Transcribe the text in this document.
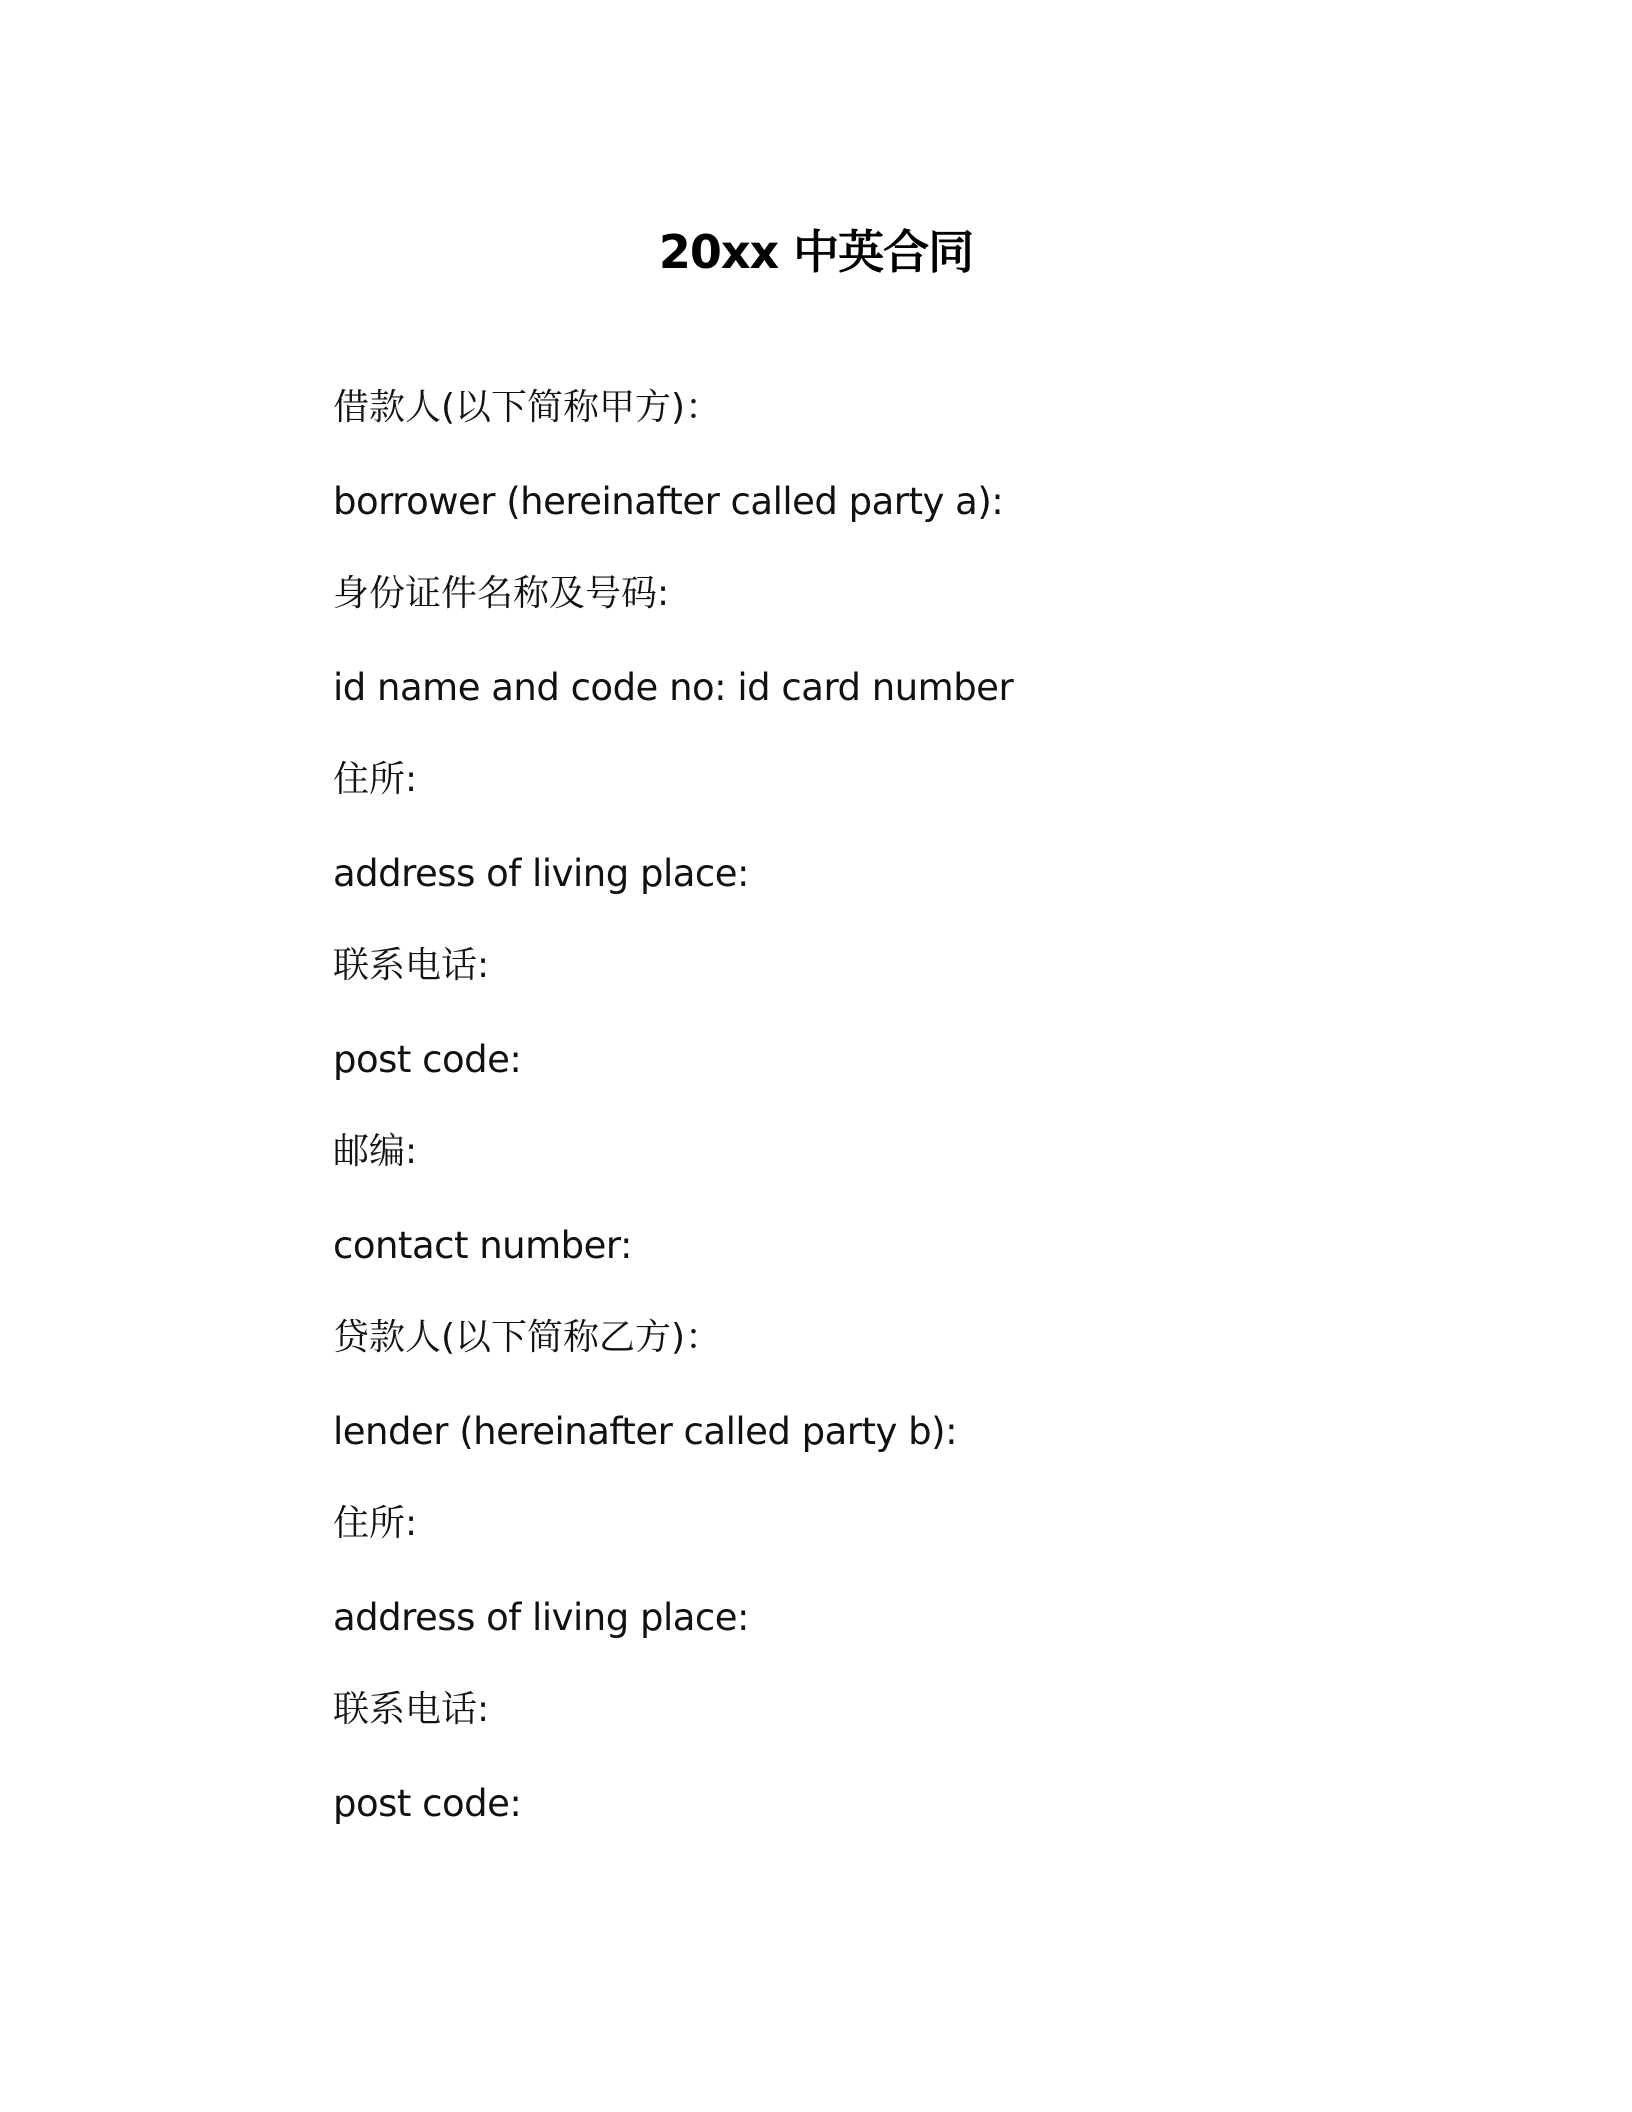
20xx 中英合同
借款人(以下简称甲方)：
borrower (hereinafter called party a):
身份证件名称及号码:
id name and code no: id card number
住所:
address of living place:
联系电话:
post code:
邮编:
contact number:
贷款人(以下简称乙方)：
lender (hereinafter called party b):
住所:
address of living place:
联系电话:
post code:
